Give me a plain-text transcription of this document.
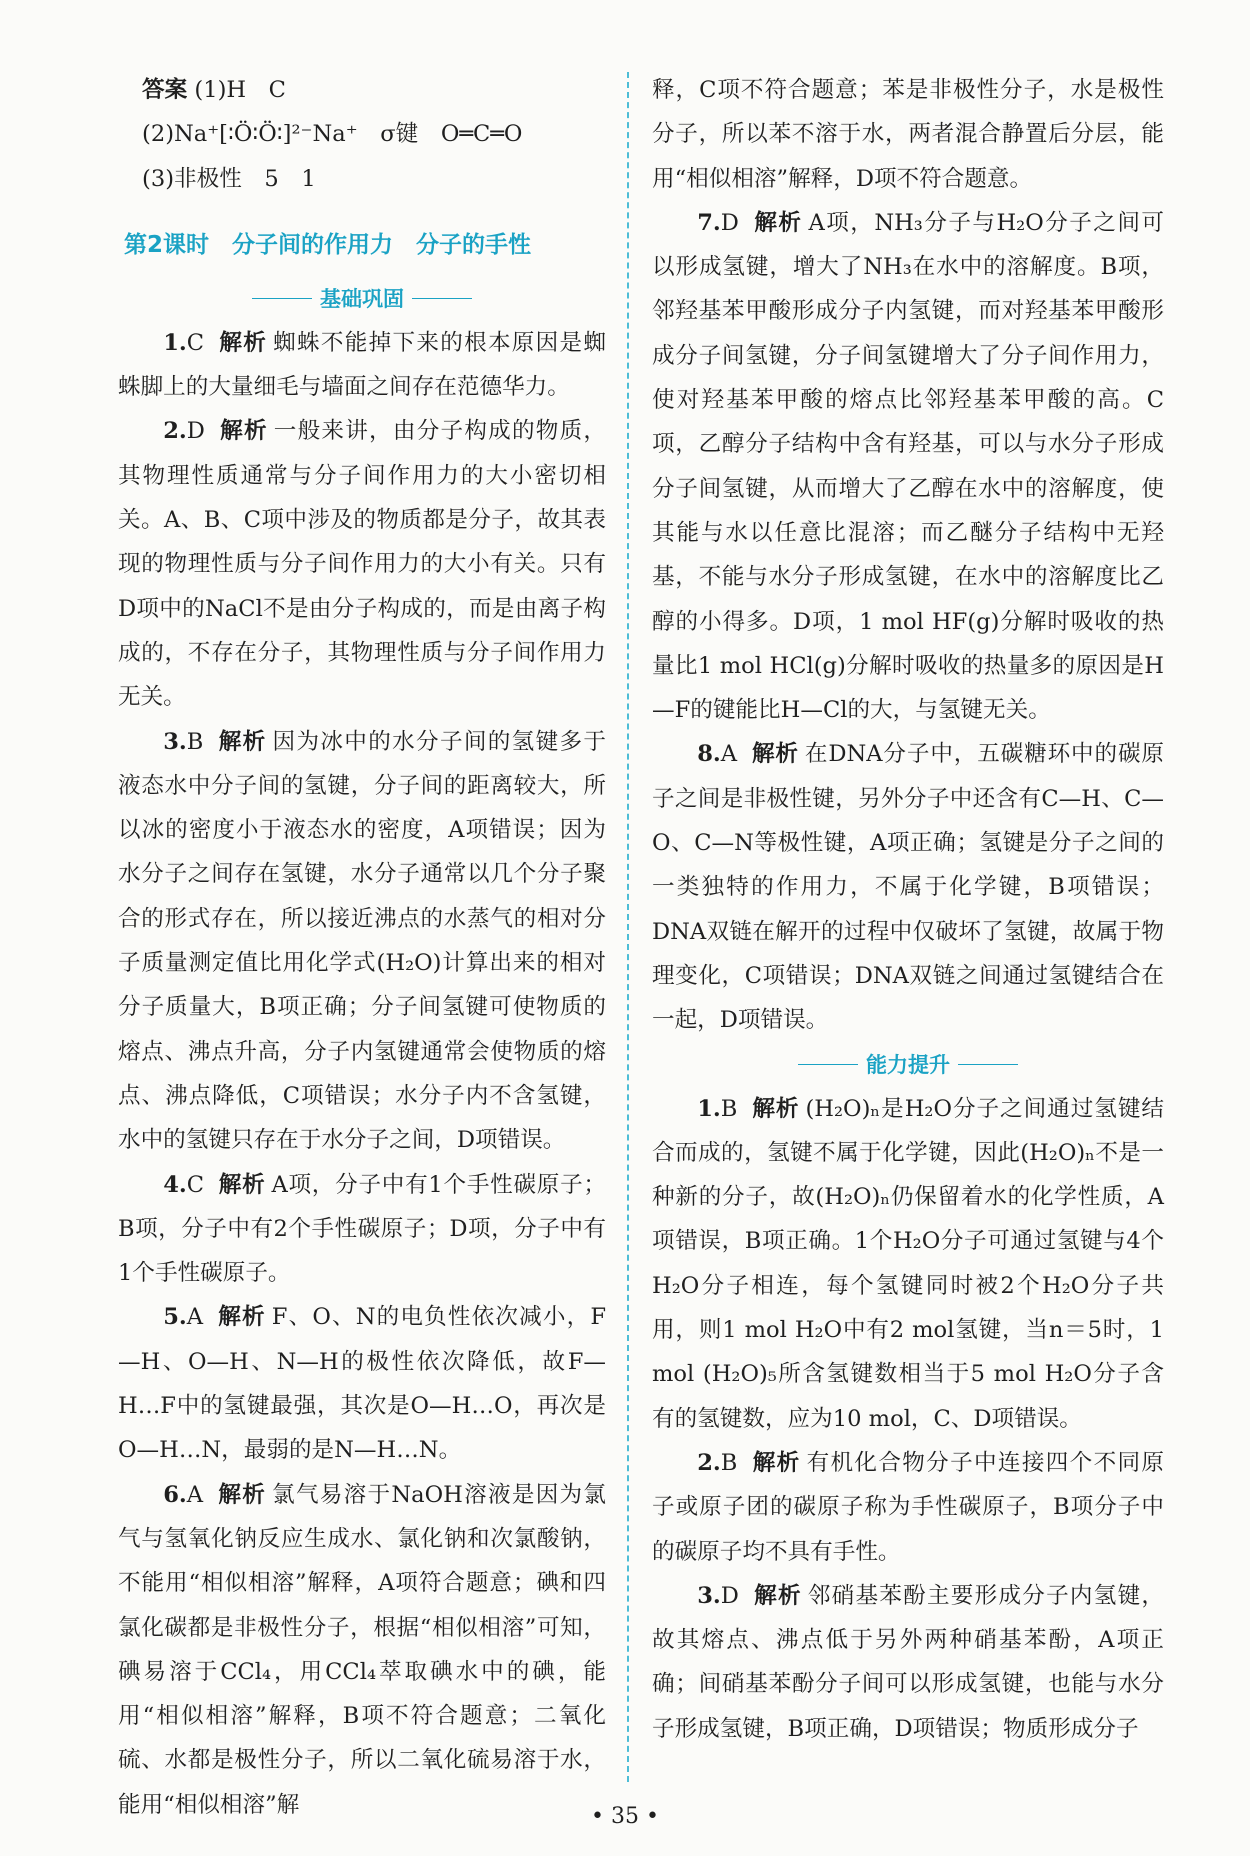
答案 (1)H　C

(2)Na⁺[∶Ö∶Ö∶]²⁻Na⁺　σ键　O═C═O

(3)非极性　5　1

第2课时　分子间的作用力　分子的手性
基础巩固

1.C 解析 蜘蛛不能掉下来的根本原因是蜘蛛脚上的大量细毛与墙面之间存在范德华力。

2.D 解析 一般来讲，由分子构成的物质，其物理性质通常与分子间作用力的大小密切相关。A、B、C项中涉及的物质都是分子，故其表现的物理性质与分子间作用力的大小有关。只有D项中的NaCl不是由分子构成的，而是由离子构成的，不存在分子，其物理性质与分子间作用力无关。

3.B 解析 因为冰中的水分子间的氢键多于液态水中分子间的氢键，分子间的距离较大，所以冰的密度小于液态水的密度，A项错误；因为水分子之间存在氢键，水分子通常以几个分子聚合的形式存在，所以接近沸点的水蒸气的相对分子质量测定值比用化学式(H₂O)计算出来的相对分子质量大，B项正确；分子间氢键可使物质的熔点、沸点升高，分子内氢键通常会使物质的熔点、沸点降低，C项错误；水分子内不含氢键，水中的氢键只存在于水分子之间，D项错误。

4.C 解析 A项，分子中有1个手性碳原子；B项，分子中有2个手性碳原子；D项，分子中有1个手性碳原子。

5.A 解析 F、O、N的电负性依次减小，F—H、O—H、N—H的极性依次降低，故F—H…F中的氢键最强，其次是O—H…O，再次是O—H…N，最弱的是N—H…N。

6.A 解析 氯气易溶于NaOH溶液是因为氯气与氢氧化钠反应生成水、氯化钠和次氯酸钠，不能用“相似相溶”解释，A项符合题意；碘和四氯化碳都是非极性分子，根据“相似相溶”可知，碘易溶于CCl₄，用CCl₄萃取碘水中的碘，能用“相似相溶”解释，B项不符合题意；二氧化硫、水都是极性分子，所以二氧化硫易溶于水，能用“相似相溶”解

释，C项不符合题意；苯是非极性分子，水是极性分子，所以苯不溶于水，两者混合静置后分层，能用“相似相溶”解释，D项不符合题意。

7.D 解析 A项，NH₃分子与H₂O分子之间可以形成氢键，增大了NH₃在水中的溶解度。B项，邻羟基苯甲酸形成分子内氢键，而对羟基苯甲酸形成分子间氢键，分子间氢键增大了分子间作用力，使对羟基苯甲酸的熔点比邻羟基苯甲酸的高。C项，乙醇分子结构中含有羟基，可以与水分子形成分子间氢键，从而增大了乙醇在水中的溶解度，使其能与水以任意比混溶；而乙醚分子结构中无羟基，不能与水分子形成氢键，在水中的溶解度比乙醇的小得多。D项，1 mol HF(g)分解时吸收的热量比1 mol HCl(g)分解时吸收的热量多的原因是H—F的键能比H—Cl的大，与氢键无关。

8.A 解析 在DNA分子中，五碳糖环中的碳原子之间是非极性键，另外分子中还含有C—H、C—O、C—N等极性键，A项正确；氢键是分子之间的一类独特的作用力，不属于化学键，B项错误；DNA双链在解开的过程中仅破坏了氢键，故属于物理变化，C项错误；DNA双链之间通过氢键结合在一起，D项错误。

能力提升

1.B 解析 (H₂O)ₙ是H₂O分子之间通过氢键结合而成的，氢键不属于化学键，因此(H₂O)ₙ不是一种新的分子，故(H₂O)ₙ仍保留着水的化学性质，A项错误，B项正确。1个H₂O分子可通过氢键与4个H₂O分子相连，每个氢键同时被2个H₂O分子共用，则1 mol H₂O中有2 mol氢键，当n＝5时，1 mol (H₂O)₅所含氢键数相当于5 mol H₂O分子含有的氢键数，应为10 mol，C、D项错误。

2.B 解析 有机化合物分子中连接四个不同原子或原子团的碳原子称为手性碳原子，B项分子中的碳原子均不具有手性。

3.D 解析 邻硝基苯酚主要形成分子内氢键，故其熔点、沸点低于另外两种硝基苯酚，A项正确；间硝基苯酚分子间可以形成氢键，也能与水分子形成氢键，B项正确，D项错误；物质形成分子

• 35 •
